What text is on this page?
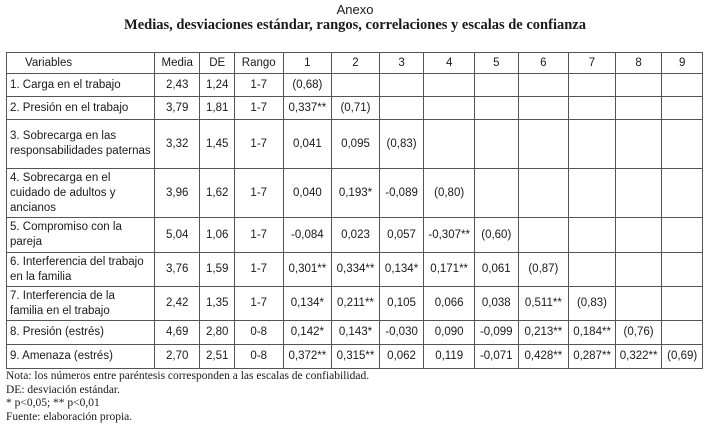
Anexo
Medias, desviaciones estándar, rangos, correlaciones y escalas de confianza
Variables	Media	DE	Rango	1	2	3	4	5	6	7	8	9
1. Carga en el trabajo	2,43	1,24	1-7	(0,68)								
2. Presión en el trabajo	3,79	1,81	1-7	0,337**	(0,71)							
3. Sobrecarga en las responsabilidades paternas	3,32	1,45	1-7	0,041	0,095	(0,83)						
4. Sobrecarga en el cuidado de adultos y ancianos	3,96	1,62	1-7	0,040	0,193*	-0,089	(0,80)					
5. Compromiso con la pareja	5,04	1,06	1-7	-0,084	0,023	0,057	-0,307**	(0,60)				
6. Interferencia del trabajo en la familia	3,76	1,59	1-7	0,301**	0,334**	0,134*	0,171**	0,061	(0,87)			
7. Interferencia de la familia en el trabajo	2,42	1,35	1-7	0,134*	0,211**	0,105	0,066	0,038	0,511**	(0,83)		
8. Presión (estrés)	4,69	2,80	0-8	0,142*	0,143*	-0,030	0,090	-0,099	0,213**	0,184**	(0,76)	
9. Amenaza (estrés)	2,70	2,51	0-8	0,372**	0,315**	0,062	0,119	-0,071	0,428**	0,287**	0,322**	(0,69)
Nota: los números entre paréntesis corresponden a las escalas de confiabilidad.
DE: desviación estándar.
* p<0,05; ** p<0,01
Fuente: elaboración propia.
